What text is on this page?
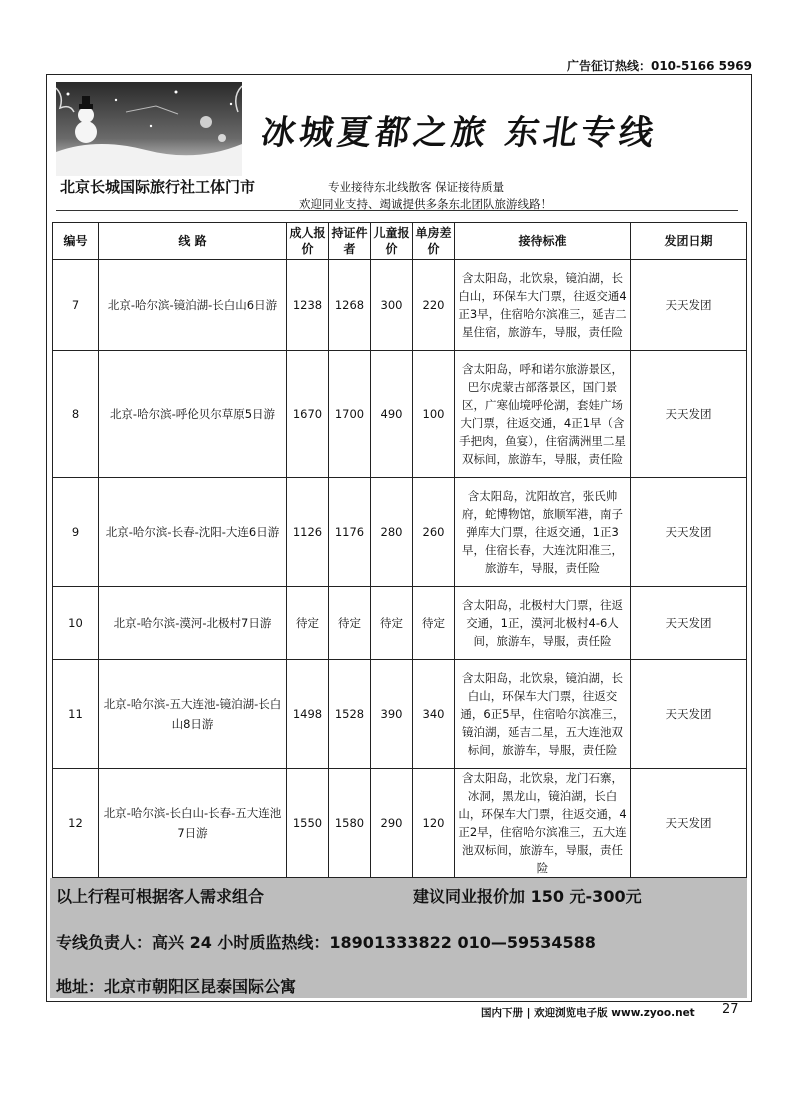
广告征订热线：010-5166 5969
冰城夏都之旅 东北专线
北京长城国际旅行社工体门市	专业接待东北线散客 保证接待质量
欢迎同业支持、竭诚提供多条东北团队旅游线路！
编号	线 路	成人报价	持证件者	儿童报价	单房差价	接待标准	发团日期
7	北京-哈尔滨-镜泊湖-长白山6日游	1238	1268	300	220	含太阳岛，北饮泉，镜泊湖，长白山，环保车大门票，往返交通4正3早，住宿哈尔滨准三，延吉二星住宿，旅游车，导服，责任险	天天发团
8	北京-哈尔滨-呼伦贝尔草原5日游	1670	1700	490	100	含太阳岛，呼和诺尔旅游景区，巴尔虎蒙古部落景区，国门景区，广寒仙境呼伦湖，套娃广场大门票，往返交通，4正1早（含手把肉，鱼宴），住宿满洲里二星双标间，旅游车，导服，责任险	天天发团
9	北京-哈尔滨-长春-沈阳-大连6日游	1126	1176	280	260	含太阳岛，沈阳故宫，张氏帅府，蛇博物馆，旅顺军港，南子弹库大门票，往返交通，1正3早，住宿长春，大连沈阳准三，旅游车，导服，责任险	天天发团
10	北京-哈尔滨-漠河-北极村7日游	待定	待定	待定	待定	含太阳岛，北极村大门票，往返交通，1正，漠河北极村4-6人间，旅游车，导服，责任险	天天发团
11	北京-哈尔滨-五大连池-镜泊湖-长白山8日游	1498	1528	390	340	含太阳岛，北饮泉，镜泊湖，长白山，环保车大门票，往返交通，6正5早，住宿哈尔滨准三，镜泊湖，延吉二星，五大连池双标间，旅游车，导服，责任险	天天发团
12	北京-哈尔滨-长白山-长春-五大连池7日游	1550	1580	290	120	含太阳岛，北饮泉，龙门石寨，冰洞，黑龙山，镜泊湖，长白山，环保车大门票，往返交通，4正2早，住宿哈尔滨准三，五大连池双标间，旅游车，导服，责任险	天天发团
以上行程可根据客人需求组合	建议同业报价加 150 元-300元
专线负责人：高兴 24 小时质监热线：18901333822 010—59534588
地址：北京市朝阳区昆泰国际公寓
国内下册 | 欢迎浏览电子版 www.zyoo.net 27
